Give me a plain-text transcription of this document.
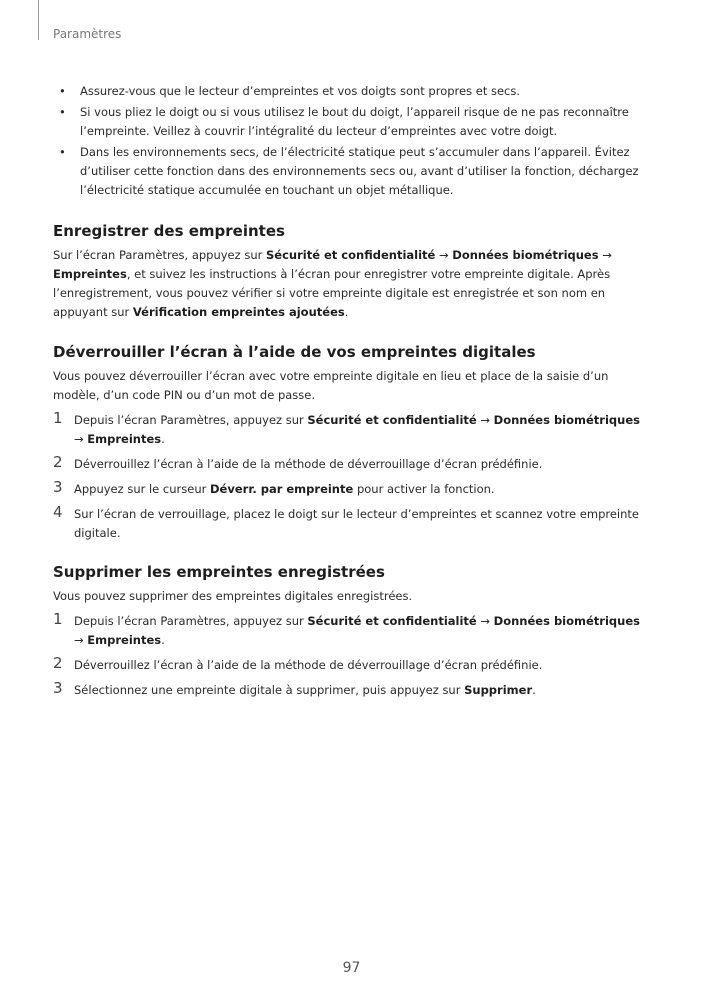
Paramètres
• Assurez-vous que le lecteur d’empreintes et vos doigts sont propres et secs.
• Si vous pliez le doigt ou si vous utilisez le bout du doigt, l’appareil risque de ne pas reconnaître l’empreinte. Veillez à couvrir l’intégralité du lecteur d’empreintes avec votre doigt.
• Dans les environnements secs, de l’électricité statique peut s’accumuler dans l’appareil. Évitez d’utiliser cette fonction dans des environnements secs ou, avant d’utiliser la fonction, déchargez l’électricité statique accumulée en touchant un objet métallique.
Enregistrer des empreintes

Sur l’écran Paramètres, appuyez sur Sécurité et confidentialité → Données biométriques → Empreintes, et suivez les instructions à l’écran pour enregistrer votre empreinte digitale. Après l’enregistrement, vous pouvez vérifier si votre empreinte digitale est enregistrée et son nom en appuyant sur Vérification empreintes ajoutées.

Déverrouiller l’écran à l’aide de vos empreintes digitales

Vous pouvez déverrouiller l’écran avec votre empreinte digitale en lieu et place de la saisie d’un modèle, d’un code PIN ou d’un mot de passe.

1 Depuis l’écran Paramètres, appuyez sur Sécurité et confidentialité → Données biométriques → Empreintes.
2 Déverrouillez l’écran à l’aide de la méthode de déverrouillage d’écran prédéfinie.
3 Appuyez sur le curseur Déverr. par empreinte pour activer la fonction.
4 Sur l’écran de verrouillage, placez le doigt sur le lecteur d’empreintes et scannez votre empreinte digitale.
Supprimer les empreintes enregistrées

Vous pouvez supprimer des empreintes digitales enregistrées.

1 Depuis l’écran Paramètres, appuyez sur Sécurité et confidentialité → Données biométriques → Empreintes.
2 Déverrouillez l’écran à l’aide de la méthode de déverrouillage d’écran prédéfinie.
3 Sélectionnez une empreinte digitale à supprimer, puis appuyez sur Supprimer.
97
